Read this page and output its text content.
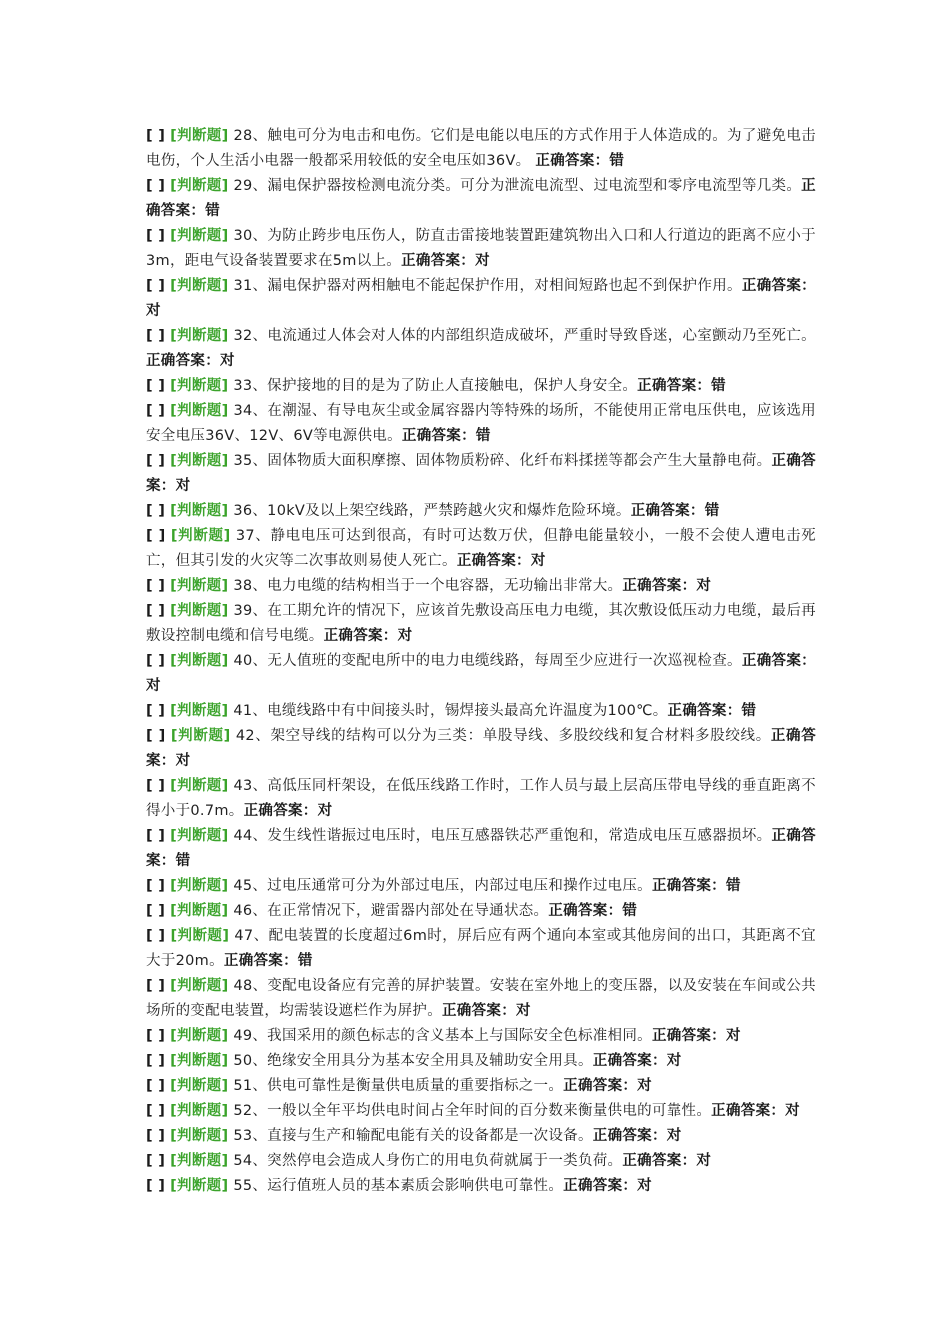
[ ] [判断题] 28、触电可分为电击和电伤。它们是电能以电压的方式作用于人体造成的。为了避免电击电伤，个人生活小电器一般都采用较低的安全电压如36V。 正确答案：错
[ ] [判断题] 29、漏电保护器按检测电流分类。可分为泄流电流型、过电流型和零序电流型等几类。正确答案：错
[ ] [判断题] 30、为防止跨步电压伤人，防直击雷接地装置距建筑物出入口和人行道边的距离不应小于3m，距电气设备装置要求在5m以上。正确答案：对
[ ] [判断题] 31、漏电保护器对两相触电不能起保护作用，对相间短路也起不到保护作用。正确答案：对
[ ] [判断题] 32、电流通过人体会对人体的内部组织造成破坏，严重时导致昏迷，心室颤动乃至死亡。正确答案：对
[ ] [判断题] 33、保护接地的目的是为了防止人直接触电，保护人身安全。正确答案：错
[ ] [判断题] 34、在潮湿、有导电灰尘或金属容器内等特殊的场所，不能使用正常电压供电，应该选用安全电压36V、12V、6V等电源供电。正确答案：错
[ ] [判断题] 35、固体物质大面积摩擦、固体物质粉碎、化纤布料揉搓等都会产生大量静电荷。正确答案：对
[ ] [判断题] 36、10kV及以上架空线路，严禁跨越火灾和爆炸危险环境。正确答案：错
[ ] [判断题] 37、静电电压可达到很高，有时可达数万伏，但静电能量较小，一般不会使人遭电击死亡，但其引发的火灾等二次事故则易使人死亡。正确答案：对
[ ] [判断题] 38、电力电缆的结构相当于一个电容器，无功输出非常大。正确答案：对
[ ] [判断题] 39、在工期允许的情况下，应该首先敷设高压电力电缆，其次敷设低压动力电缆，最后再敷设控制电缆和信号电缆。正确答案：对
[ ] [判断题] 40、无人值班的变配电所中的电力电缆线路，每周至少应进行一次巡视检查。正确答案：对
[ ] [判断题] 41、电缆线路中有中间接头时，锡焊接头最高允许温度为100℃。正确答案：错
[ ] [判断题] 42、架空导线的结构可以分为三类：单股导线、多股绞线和复合材料多股绞线。正确答案：对
[ ] [判断题] 43、高低压同杆架设，在低压线路工作时，工作人员与最上层高压带电导线的垂直距离不得小于0.7m。正确答案：对
[ ] [判断题] 44、发生线性谐振过电压时，电压互感器铁芯严重饱和，常造成电压互感器损坏。正确答案：错
[ ] [判断题] 45、过电压通常可分为外部过电压，内部过电压和操作过电压。正确答案：错
[ ] [判断题] 46、在正常情况下，避雷器内部处在导通状态。正确答案：错
[ ] [判断题] 47、配电装置的长度超过6m时，屏后应有两个通向本室或其他房间的出口，其距离不宜大于20m。正确答案：错
[ ] [判断题] 48、变配电设备应有完善的屏护装置。安装在室外地上的变压器，以及安装在车间或公共场所的变配电装置，均需装设遮栏作为屏护。正确答案：对
[ ] [判断题] 49、我国采用的颜色标志的含义基本上与国际安全色标准相同。正确答案：对
[ ] [判断题] 50、绝缘安全用具分为基本安全用具及辅助安全用具。正确答案：对
[ ] [判断题] 51、供电可靠性是衡量供电质量的重要指标之一。正确答案：对
[ ] [判断题] 52、一般以全年平均供电时间占全年时间的百分数来衡量供电的可靠性。正确答案：对
[ ] [判断题] 53、直接与生产和输配电能有关的设备都是一次设备。正确答案：对
[ ] [判断题] 54、突然停电会造成人身伤亡的用电负荷就属于一类负荷。正确答案：对
[ ] [判断题] 55、运行值班人员的基本素质会影响供电可靠性。正确答案：对
